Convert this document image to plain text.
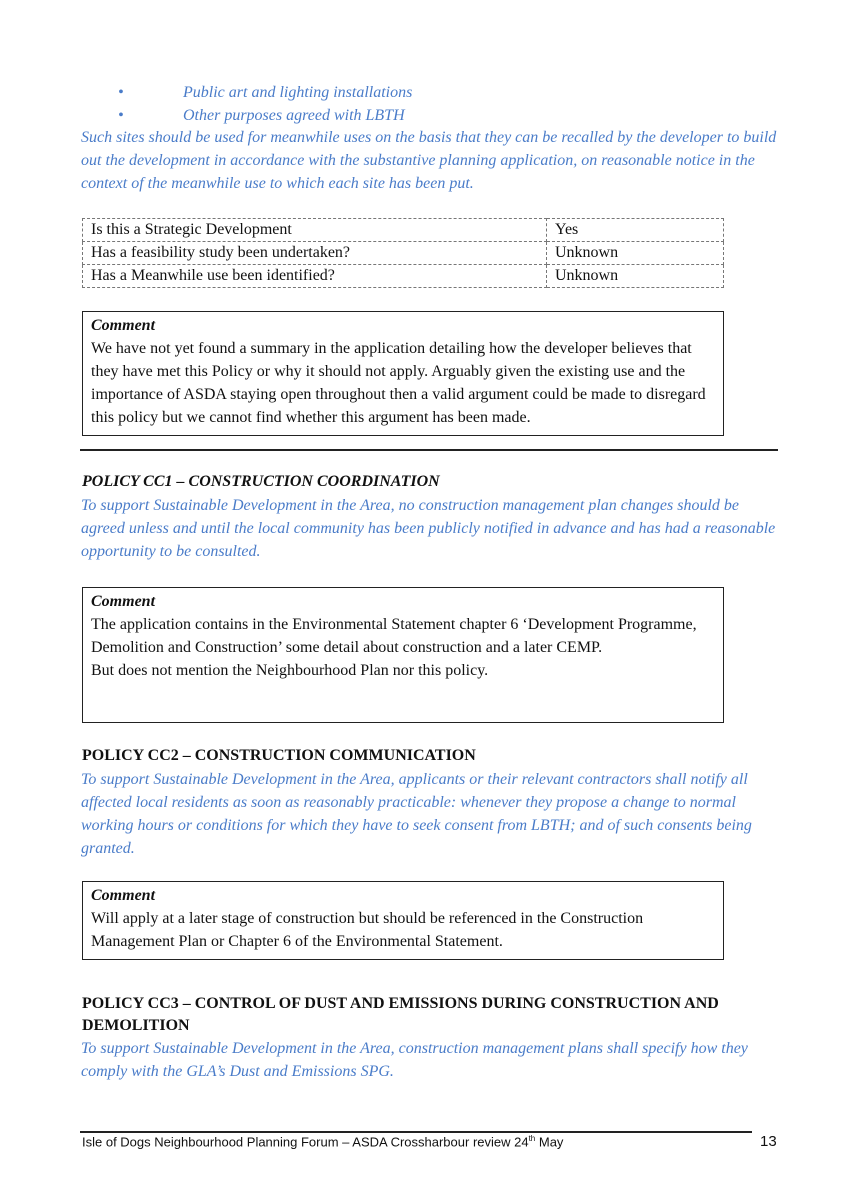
•	Public art and lighting installations
•	Other purposes agreed with LBTH
Such sites should be used for meanwhile uses on the basis that they can be recalled by the developer to build out the development in accordance with the substantive planning application, on reasonable notice in the context of the meanwhile use to which each site has been put.
Is this a Strategic Development	Yes
Has a feasibility study been undertaken?	Unknown
Has a Meanwhile use been identified?	Unknown
Comment
We have not yet found a summary in the application detailing how the developer believes that they have met this Policy or why it should not apply. Arguably given the existing use and the importance of ASDA staying open throughout then a valid argument could be made to disregard this policy but we cannot find whether this argument has been made.
POLICY CC1 – CONSTRUCTION COORDINATION
To support Sustainable Development in the Area, no construction management plan changes should be agreed unless and until the local community has been publicly notified in advance and has had a reasonable opportunity to be consulted.
Comment
The application contains in the Environmental Statement chapter 6 ‘Development Programme, Demolition and Construction’ some detail about construction and a later CEMP.
But does not mention the Neighbourhood Plan nor this policy.
POLICY CC2 – CONSTRUCTION COMMUNICATION
To support Sustainable Development in the Area, applicants or their relevant contractors shall notify all affected local residents as soon as reasonably practicable: whenever they propose a change to normal working hours or conditions for which they have to seek consent from LBTH; and of such consents being granted.
Comment
Will apply at a later stage of construction but should be referenced in the Construction Management Plan or Chapter 6 of the Environmental Statement.
POLICY CC3 – CONTROL OF DUST AND EMISSIONS DURING CONSTRUCTION AND DEMOLITION
To support Sustainable Development in the Area, construction management plans shall specify how they comply with the GLA’s Dust and Emissions SPG.
Isle of Dogs Neighbourhood Planning Forum – ASDA Crossharbour review 24th May	13
